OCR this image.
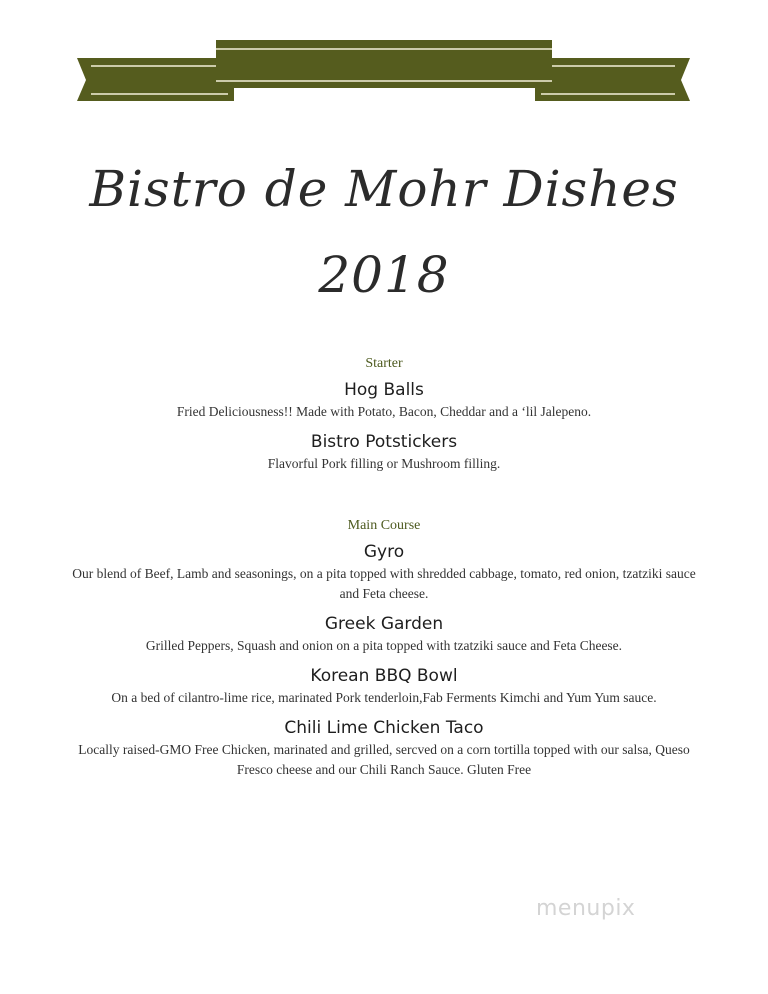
Bistro de Mohr Dishes
2018
Starter
Hog Balls
Fried Deliciousness!! Made with Potato, Bacon, Cheddar and a ‘lil Jalepeno.
Bistro Potstickers
Flavorful Pork filling or Mushroom filling.
Main Course
Gyro
Our blend of Beef, Lamb and seasonings, on a pita topped with shredded cabbage, tomato, red onion, tzatziki sauce and Feta cheese.
Greek Garden
Grilled Peppers, Squash and onion on a pita topped with tzatziki sauce and Feta Cheese.
Korean BBQ Bowl
On a bed of cilantro-lime rice, marinated Pork tenderloin,Fab Ferments Kimchi and Yum Yum sauce.
Chili Lime Chicken Taco
Locally raised-GMO Free Chicken, marinated and grilled, sercved on a corn tortilla topped with our salsa, Queso Fresco cheese and our Chili Ranch Sauce. Gluten Free
menupix
